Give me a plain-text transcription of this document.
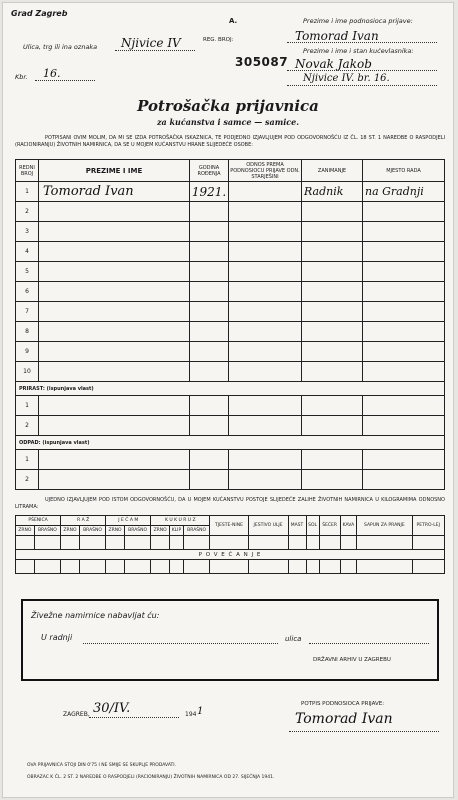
Grad Zagreb
Ulica, trg ili ina oznaka Njivice IV
Kbr. 16.
A.
REG. BROJ:
305087
Prezime i ime podnosioca prijave:
Tomorad Ivan
Prezime i ime i stan kućevlasnika:
Novak Jakob
Njivice IV. br. 16.
Potrošačka prijavnica
za kućanstva i samce — samice.
POTPISANI OVIM MOLIM, DA MI SE IZDA POTROŠAČKA ISKAZNICA, TE PODJEDNO IZJAVLJUJEM POD ODGOVORNOŠĆU IZ ČL. 18 ST. 1 NAREDBE O RASPODJELI (RACIONIRANJU) ŽIVOTNIH NAMIRNICA, DA SE U MOJEM KUĆANSTVU HRANE SLIJEDEĆE OSOBE:
REDNI BROJ	PREZIME I IME	GODINA ROĐENJA	ODNOS PREMA PODNOSIOCU PRIJAVE ODN. STARJEŠINI	ZANIMANJE	MJESTO RADA
1	Tomorad Ivan	1921.		Radnik	na Gradnji
2					
3					
4					
5					
6					
7					
8					
9					
10					
PRIRAST: (ispunjava vlast)					
1					
2					
ODPAD: (ispunjava vlast)					
1					
2					
UJEDNO IZJAVLJUJEM POD ISTOM ODGOVORNOŠĆU, DA U MOJEM KUĆANSTVU POSTOJE SLIJEDEĆE ZALIHE ŽIVOTNIH NAMIRNICA U KILOGRAMIMA ODNOSNO LITRAMA:
PŠENICA		R A Ž		J E Č A M		K U K U R U Z			TJESTE-NINE	JESTIVO ULJE	MAST	SOL	ŠEĆER	KAVA	SAPUN ZA PRANJE	PETRO-LEJ
ZRNO	BRAŠNO	ZRNO	BRAŠNO	ZRNO	BRAŠNO	ZRNO	KLIP	BRAŠNO								

P O V E Ć A N J E																

Živežne namirnice nabavljat ću:
U radnji	ulica
DRŽAVNI ARHIV U ZAGREBU
ZAGREB, 30/IV.	194 1
POTPIS PODNOSIOCA PRIJAVE:
Tomorad Ivan
OVA PRIJAVNICA STOJI DIN 0'75 I NE SMIJE SE SKUPLJE PRODAVATI.
OBRAZAC K ČL. 2 ST. 2 NAREDBE O RASPODJELI (RACIONIRANJU) ŽIVOTNIH NAMIRNICA OD 27. SIJEČNJA 1941.
